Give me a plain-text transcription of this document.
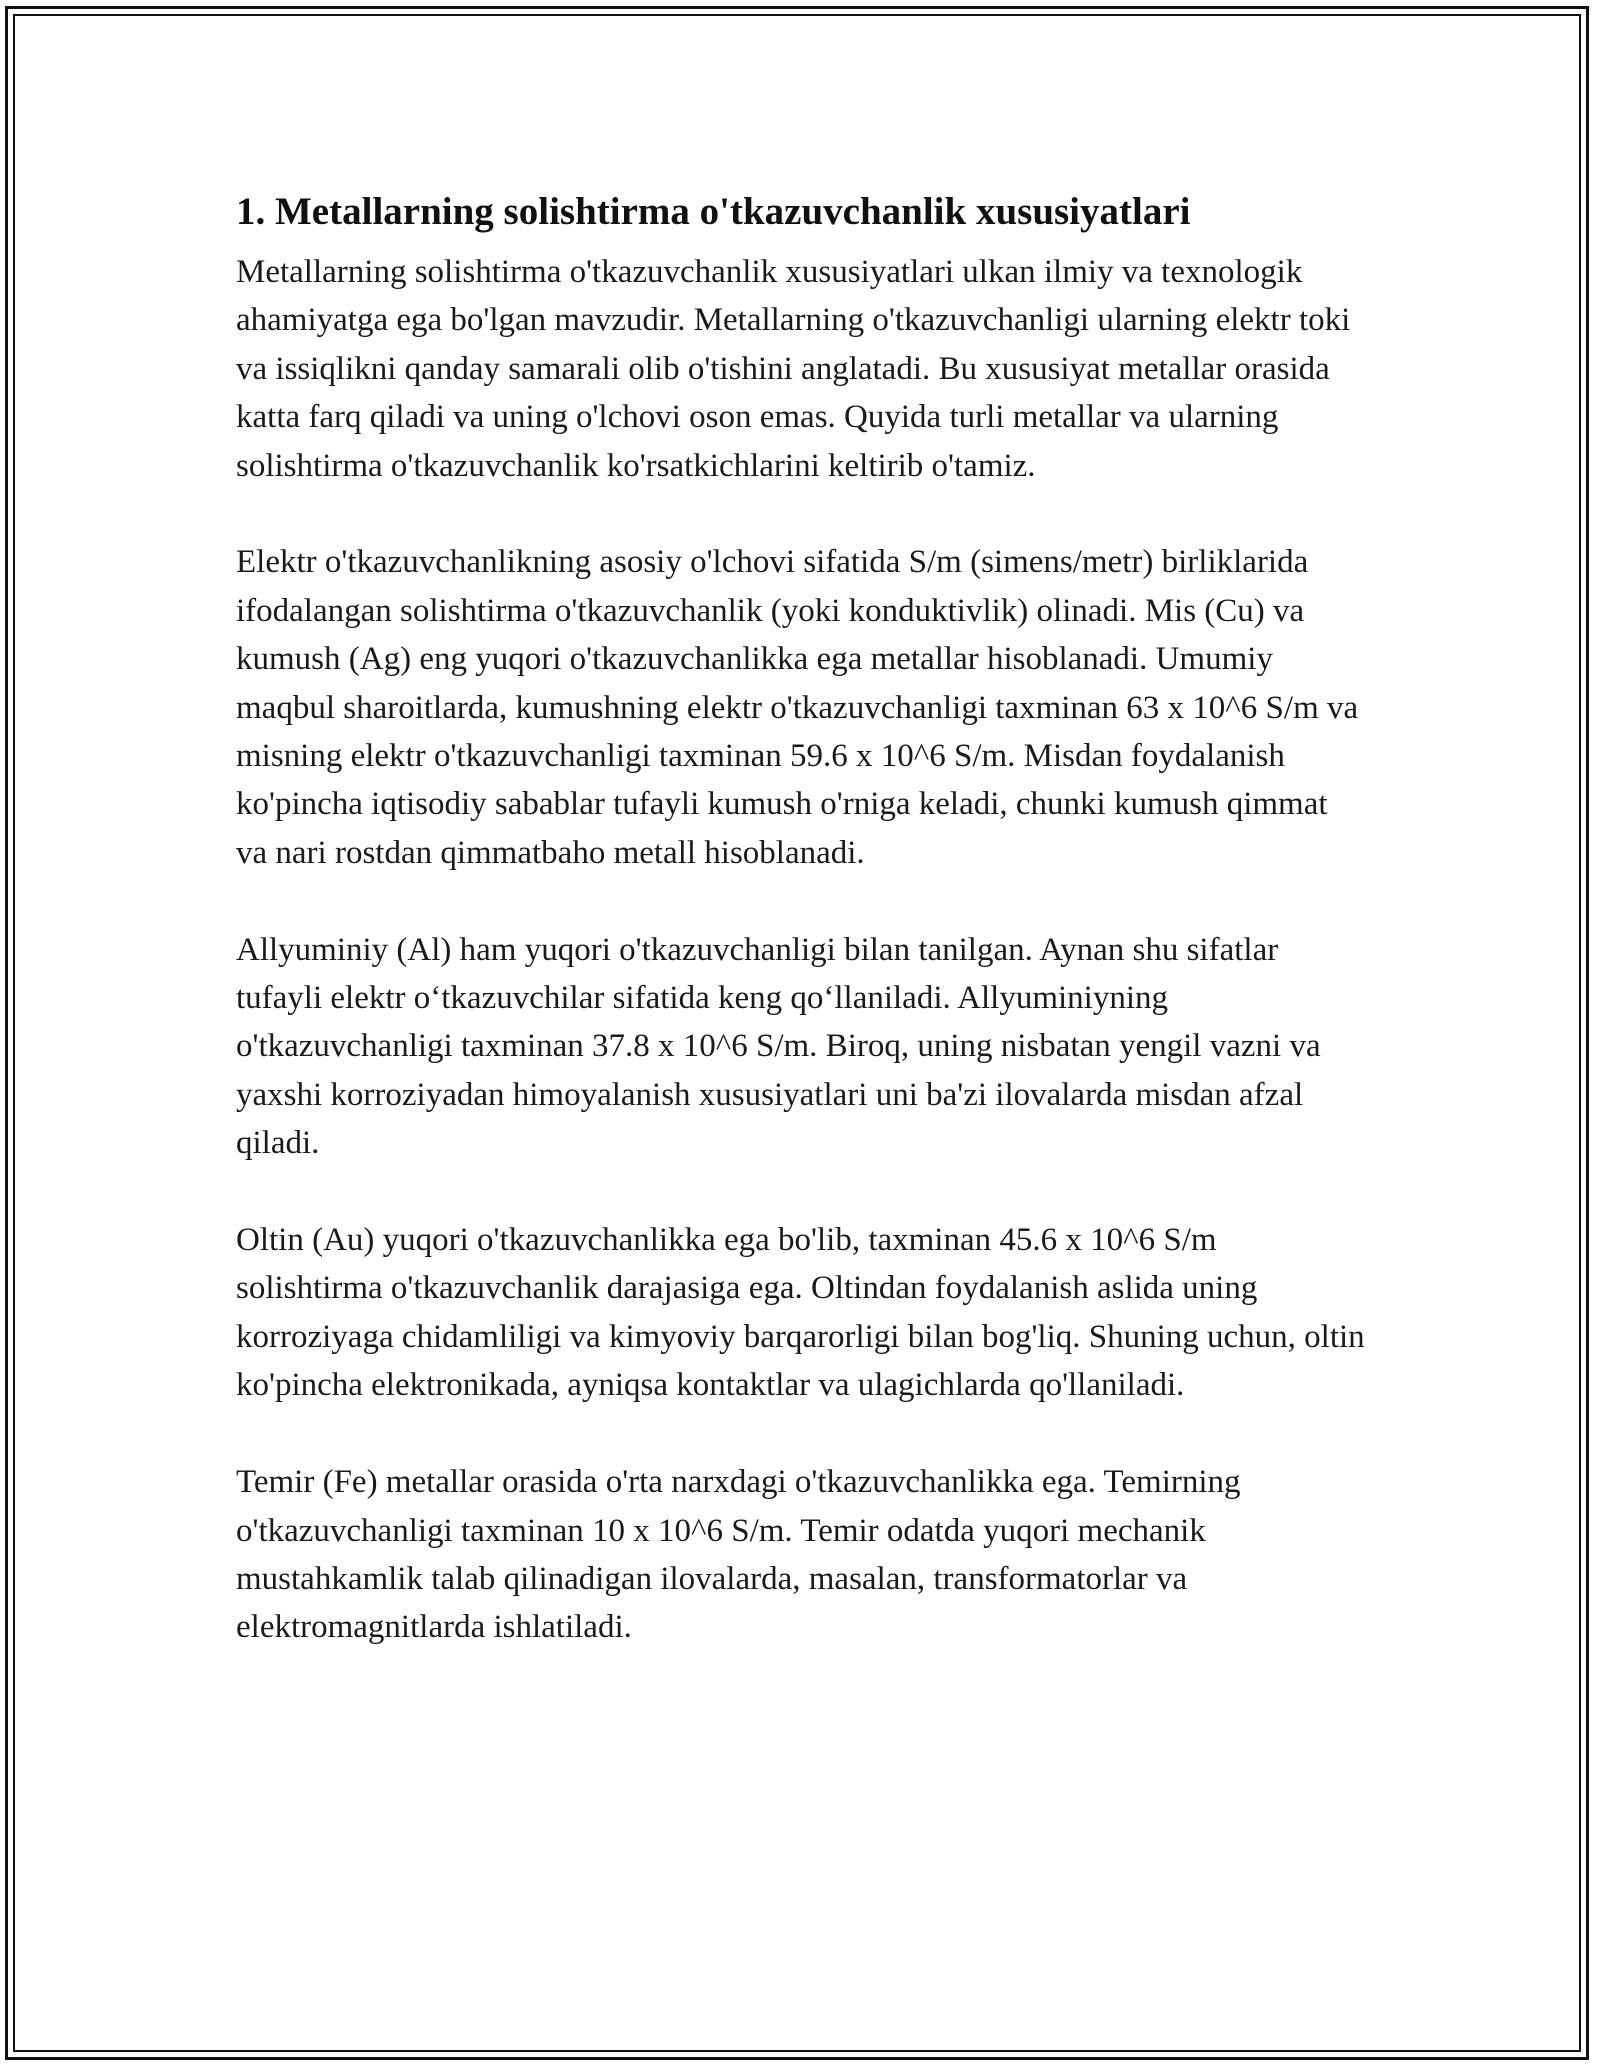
1. Metallarning solishtirma o'tkazuvchanlik xususiyatlari

Metallarning solishtirma o'tkazuvchanlik xususiyatlari ulkan ilmiy va texnologik ahamiyatga ega bo'lgan mavzudir. Metallarning o'tkazuvchanligi ularning elektr toki va issiqlikni qanday samarali olib o'tishini anglatadi. Bu xususiyat metallar orasida katta farq qiladi va uning o'lchovi oson emas. Quyida turli metallar va ularning solishtirma o'tkazuvchanlik ko'rsatkichlarini keltirib o'tamiz.

Elektr o'tkazuvchanlikning asosiy o'lchovi sifatida S/m (simens/metr) birliklarida ifodalangan solishtirma o'tkazuvchanlik (yoki konduktivlik) olinadi. Mis (Cu) va kumush (Ag) eng yuqori o'tkazuvchanlikka ega metallar hisoblanadi. Umumiy maqbul sharoitlarda, kumushning elektr o'tkazuvchanligi taxminan 63 x 10^6 S/m va misning elektr o'tkazuvchanligi taxminan 59.6 x 10^6 S/m. Misdan foydalanish ko'pincha iqtisodiy sabablar tufayli kumush o'rniga keladi, chunki kumush qimmat va nari rostdan qimmatbaho metall hisoblanadi.

Allyuminiy (Al) ham yuqori o'tkazuvchanligi bilan tanilgan. Aynan shu sifatlar tufayli elektr o‘tkazuvchilar sifatida keng qo‘llaniladi. Allyuminiyning o'tkazuvchanligi taxminan 37.8 x 10^6 S/m. Biroq, uning nisbatan yengil vazni va yaxshi korroziyadan himoyalanish xususiyatlari uni ba'zi ilovalarda misdan afzal qiladi.

Oltin (Au) yuqori o'tkazuvchanlikka ega bo'lib, taxminan 45.6 x 10^6 S/m solishtirma o'tkazuvchanlik darajasiga ega. Oltindan foydalanish aslida uning korroziyaga chidamliligi va kimyoviy barqarorligi bilan bog'liq. Shuning uchun, oltin ko'pincha elektronikada, ayniqsa kontaktlar va ulagichlarda qo'llaniladi.

Temir (Fe) metallar orasida o'rta narxdagi o'tkazuvchanlikka ega. Temirning o'tkazuvchanligi taxminan 10 x 10^6 S/m. Temir odatda yuqori mechanik mustahkamlik talab qilinadigan ilovalarda, masalan, transformatorlar va elektromagnitlarda ishlatiladi.
